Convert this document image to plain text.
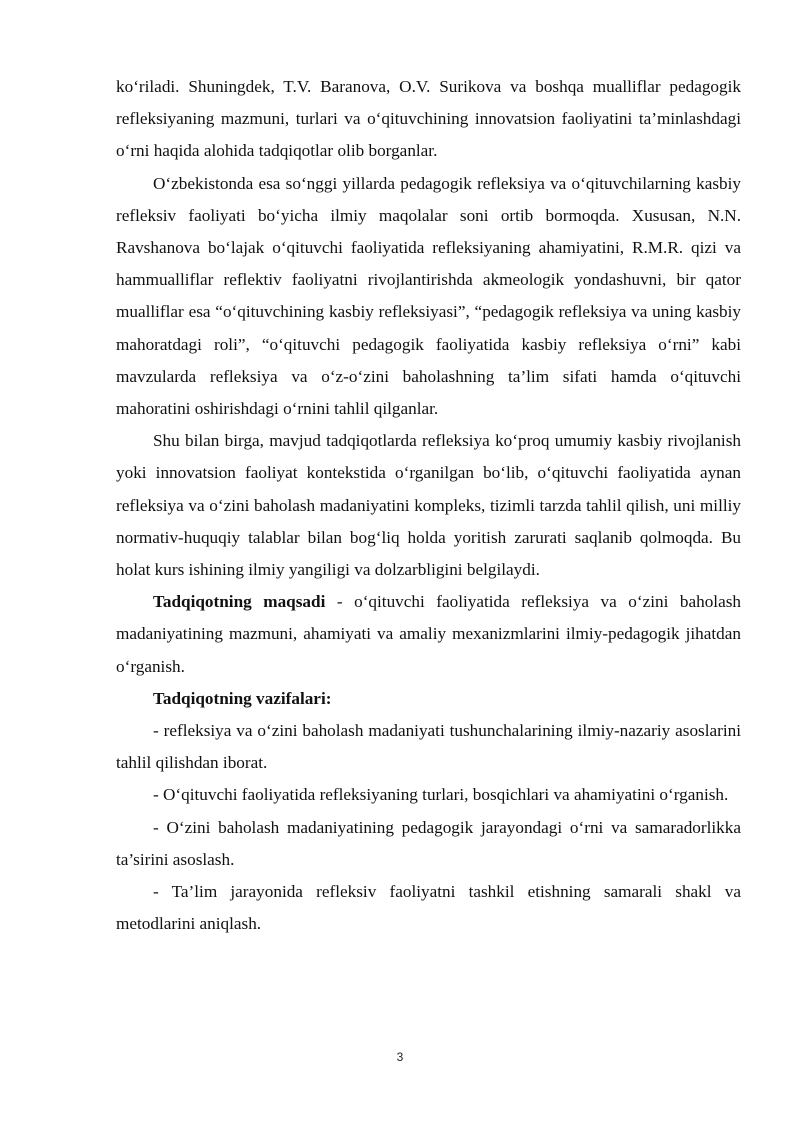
ko‘riladi. Shuningdek, T.V. Baranova, O.V. Surikova va boshqa mualliflar pedagogik refleksiyaning mazmuni, turlari va o‘qituvchining innovatsion faoliyatini ta’minlashdagi o‘rni haqida alohida tadqiqotlar olib borganlar.

O‘zbekistonda esa so‘nggi yillarda pedagogik refleksiya va o‘qituvchilarning kasbiy refleksiv faoliyati bo‘yicha ilmiy maqolalar soni ortib bormoqda. Xususan, N.N. Ravshanova bo‘lajak o‘qituvchi faoliyatida refleksiyaning ahamiyatini, R.M.R. qizi va hammualliflar reflektiv faoliyatni rivojlantirishda akmeologik yondashuvni, bir qator mualliflar esa “o‘qituvchining kasbiy refleksiyasi”, “pedagogik refleksiya va uning kasbiy mahoratdagi roli”, “o‘qituvchi pedagogik faoliyatida kasbiy refleksiya o‘rni” kabi mavzularda refleksiya va o‘z-o‘zini baholashning ta’lim sifati hamda o‘qituvchi mahoratini oshirishdagi o‘rnini tahlil qilganlar.

Shu bilan birga, mavjud tadqiqotlarda refleksiya ko‘proq umumiy kasbiy rivojlanish yoki innovatsion faoliyat kontekstida o‘rganilgan bo‘lib, o‘qituvchi faoliyatida aynan refleksiya va o‘zini baholash madaniyatini kompleks, tizimli tarzda tahlil qilish, uni milliy normativ-huquqiy talablar bilan bog‘liq holda yoritish zarurati saqlanib qolmoqda. Bu holat kurs ishining ilmiy yangiligi va dolzarbligini belgilaydi.

Tadqiqotning maqsadi - o‘qituvchi faoliyatida refleksiya va o‘zini baholash madaniyatining mazmuni, ahamiyati va amaliy mexanizmlarini ilmiy-pedagogik jihatdan o‘rganish.

Tadqiqotning vazifalari:

- refleksiya va o‘zini baholash madaniyati tushunchalarining ilmiy-nazariy asoslarini tahlil qilishdan iborat.

- O‘qituvchi faoliyatida refleksiyaning turlari, bosqichlari va ahamiyatini o‘rganish.

- O‘zini baholash madaniyatining pedagogik jarayondagi o‘rni va samaradorlikka ta’sirini asoslash.

- Ta’lim jarayonida refleksiv faoliyatni tashkil etishning samarali shakl va metodlarini aniqlash.

3
